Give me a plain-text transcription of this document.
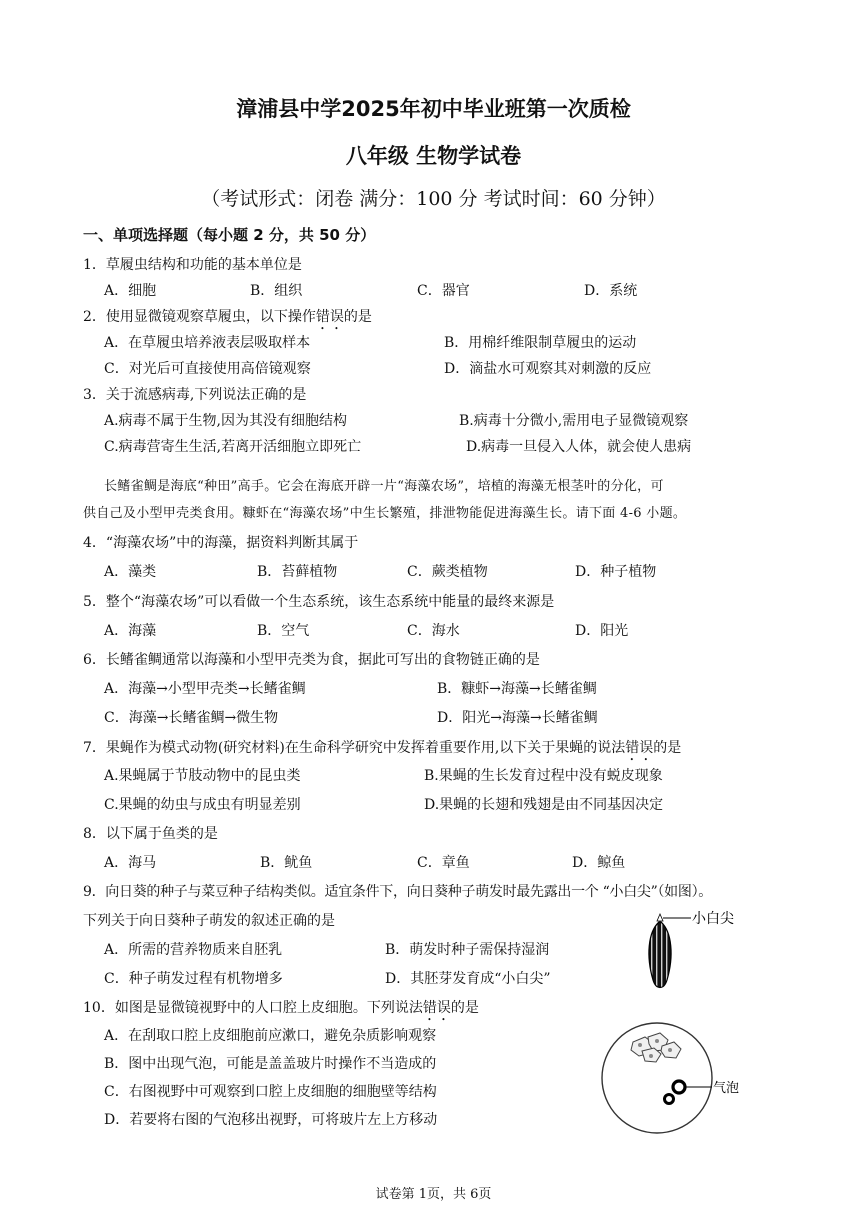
漳浦县中学2025年初中毕业班第一次质检
八年级 生物学试卷
（考试形式：闭卷 满分：100 分 考试时间：60 分钟）
一、单项选择题（每小题 2 分，共 50 分）
1．草履虫结构和功能的基本单位是
A．细胞	B．组织	C．器官	D．系统
2．使用显微镜观察草履虫，以下操作错误的是
A．在草履虫培养液表层吸取样本	B．用棉纤维限制草履虫的运动
C．对光后可直接使用高倍镜观察	D．滴盐水可观察其对刺激的反应
3．关于流感病毒,下列说法正确的是
A.病毒不属于生物,因为其没有细胞结构	B.病毒十分微小,需用电子显微镜观察
C.病毒营寄生生活,若离开活细胞立即死亡	D.病毒一旦侵入人体，就会使人患病
长鳍雀鲷是海底“种田”高手。它会在海底开辟一片“海藻农场”，培植的海藻无根茎叶的分化，可
供自己及小型甲壳类食用。糠虾在“海藻农场”中生长繁殖，排泄物能促进海藻生长。请下面 4-6 小题。
4．“海藻农场”中的海藻，据资料判断其属于
A．藻类	B．苔藓植物	C．蕨类植物	D．种子植物
5．整个“海藻农场”可以看做一个生态系统，该生态系统中能量的最终来源是
A．海藻	B．空气	C．海水	D．阳光
6．长鳍雀鲷通常以海藻和小型甲壳类为食，据此可写出的食物链正确的是
A．海藻→小型甲壳类→长鳍雀鲷	B．糠虾→海藻→长鳍雀鲷
C．海藻→长鳍雀鲷→微生物	D．阳光→海藻→长鳍雀鲷
7．果蝇作为模式动物(研究材料)在生命科学研究中发挥着重要作用,以下关于果蝇的说法错误的是
A.果蝇属于节肢动物中的昆虫类	B.果蝇的生长发育过程中没有蜕皮现象
C.果蝇的幼虫与成虫有明显差别	D.果蝇的长翅和残翅是由不同基因决定
8．以下属于鱼类的是
A．海马	B．鱿鱼	C．章鱼	D．鲸鱼
9．向日葵的种子与菜豆种子结构类似。适宜条件下，向日葵种子萌发时最先露出一个 “小白尖”（如图）。
下列关于向日葵种子萌发的叙述正确的是
A．所需的营养物质来自胚乳	B．萌发时种子需保持湿润
C．种子萌发过程有机物增多	D．其胚芽发育成“小白尖”
小白尖
10．如图是显微镜视野中的人口腔上皮细胞。下列说法错误的是
A．在刮取口腔上皮细胞前应漱口，避免杂质影响观察
B．图中出现气泡，可能是盖盖玻片时操作不当造成的
C．右图视野中可观察到口腔上皮细胞的细胞壁等结构
D．若要将右图的气泡移出视野，可将玻片左上方移动
气泡
试卷第 1页，共 6页
